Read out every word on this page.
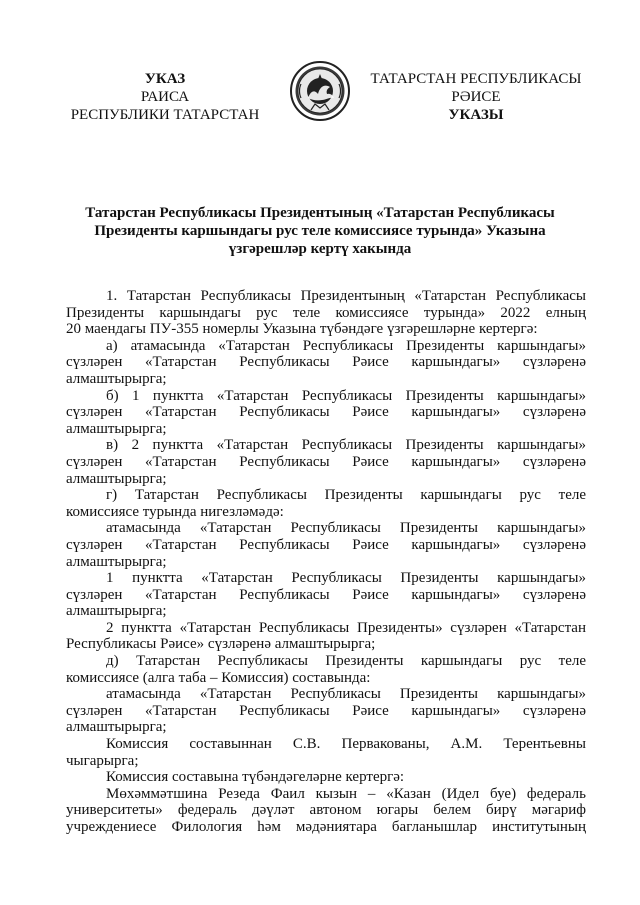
УКАЗ
РАИСА
РЕСПУБЛИКИ ТАТАРСТАН
ТАТАРСТАН РЕСПУБЛИКАСЫ
РӘИСЕ
УКАЗЫ
Татарстан Республикасы Президентының «Татарстан Республикасы
Президенты каршындагы рус теле комиссиясе турында» Указына
үзгәрешләр кертү хакында
1. Татарстан Республикасы Президентының «Татарстан Республикасы
Президенты каршындагы рус теле комиссиясе турында» 2022 елның
20 маендагы ПУ-355 номерлы Указына түбәндәге үзгәрешләрне кертергә:
а) атамасында «Татарстан Республикасы Президенты каршындагы»
сүзләрен «Татарстан Республикасы Рәисе каршындагы» сүзләренә
алмаштырырга;
б) 1 пунктта «Татарстан Республикасы Президенты каршындагы»
сүзләрен «Татарстан Республикасы Рәисе каршындагы» сүзләренә
алмаштырырга;
в) 2 пунктта «Татарстан Республикасы Президенты каршындагы»
сүзләрен «Татарстан Республикасы Рәисе каршындагы» сүзләренә
алмаштырырга;
г) Татарстан Республикасы Президенты каршындагы рус теле
комиссиясе турында нигезләмәдә:
атамасында «Татарстан Республикасы Президенты каршындагы»
сүзләрен «Татарстан Республикасы Рәисе каршындагы» сүзләренә
алмаштырырга;
1 пунктта «Татарстан Республикасы Президенты каршындагы»
сүзләрен «Татарстан Республикасы Рәисе каршындагы» сүзләренә
алмаштырырга;
2 пунктта «Татарстан Республикасы Президенты» сүзләрен «Татарстан
Республикасы Рәисе» сүзләренә алмаштырырга;
д) Татарстан Республикасы Президенты каршындагы рус теле
комиссиясе (алга таба – Комиссия) составында:
атамасында «Татарстан Республикасы Президенты каршындагы»
сүзләрен «Татарстан Республикасы Рәисе каршындагы» сүзләренә
алмаштырырга;
Комиссия составыннан С.В. Первакованы, А.М. Терентьевны
чыгарырга;
Комиссия составына түбәндәгеләрне кертергә:
Мөхәммәтшина Резеда Фаил кызын – «Казан (Идел буе) федераль
университеты» федераль дәүләт автоном югары белем бирү мәгариф
учреждениесе Филология һәм мәдәниятара багланышлар институтының
